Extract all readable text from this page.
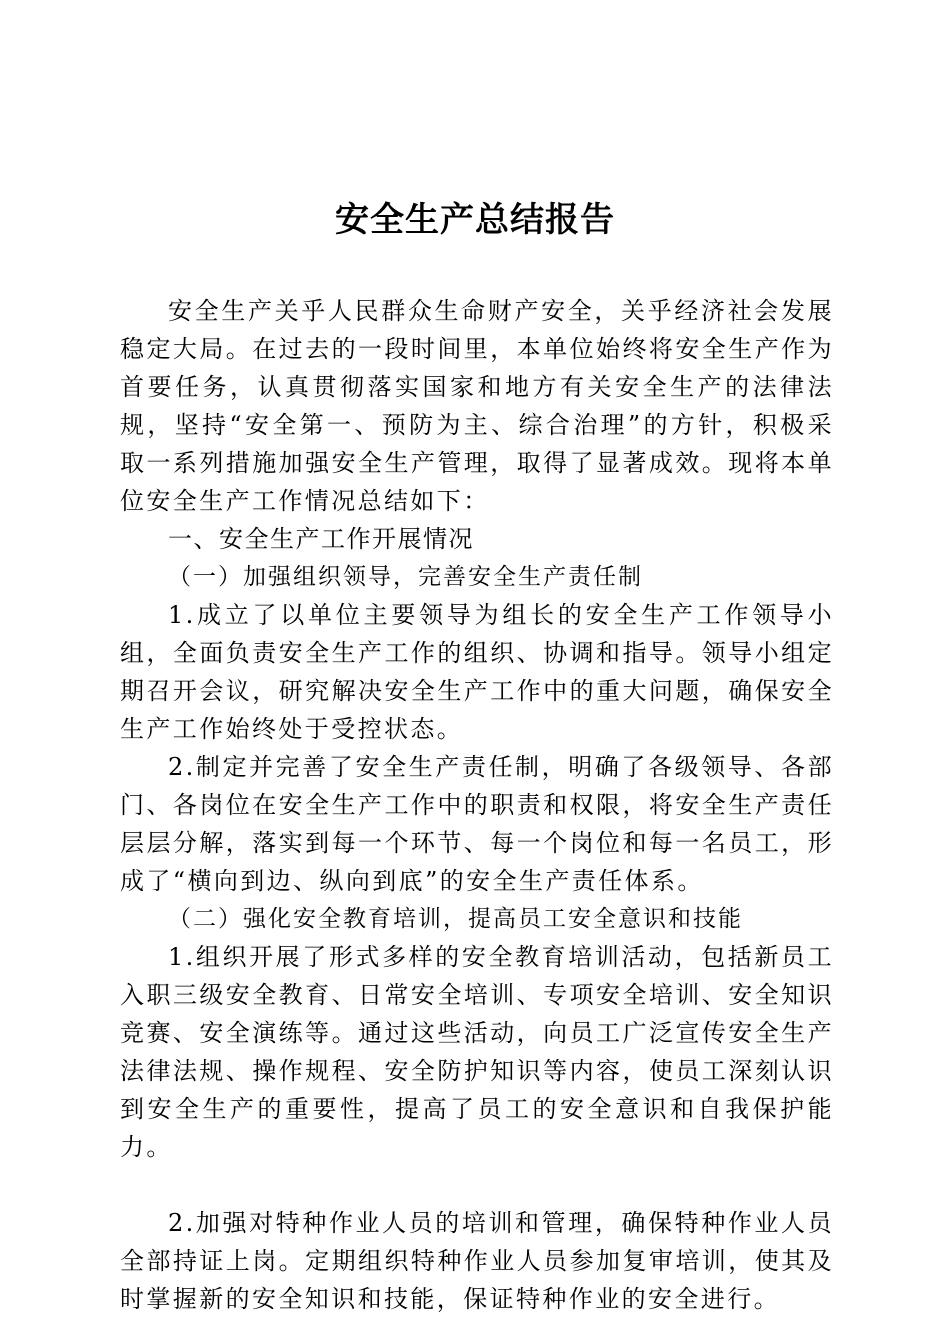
安全生产总结报告

安全生产关乎人民群众生命财产安全，关乎经济社会发展稳定大局。在过去的一段时间里，本单位始终将安全生产作为首要任务，认真贯彻落实国家和地方有关安全生产的法律法规，坚持“安全第一、预防为主、综合治理”的方针，积极采取一系列措施加强安全生产管理，取得了显著成效。现将本单位安全生产工作情况总结如下：

一、安全生产工作开展情况

（一）加强组织领导，完善安全生产责任制

1.成立了以单位主要领导为组长的安全生产工作领导小组，全面负责安全生产工作的组织、协调和指导。领导小组定期召开会议，研究解决安全生产工作中的重大问题，确保安全生产工作始终处于受控状态。

2.制定并完善了安全生产责任制，明确了各级领导、各部门、各岗位在安全生产工作中的职责和权限，将安全生产责任层层分解，落实到每一个环节、每一个岗位和每一名员工，形成了“横向到边、纵向到底”的安全生产责任体系。

（二）强化安全教育培训，提高员工安全意识和技能

1.组织开展了形式多样的安全教育培训活动，包括新员工入职三级安全教育、日常安全培训、专项安全培训、安全知识竞赛、安全演练等。通过这些活动，向员工广泛宣传安全生产法律法规、操作规程、安全防护知识等内容，使员工深刻认识到安全生产的重要性，提高了员工的安全意识和自我保护能力。

2.加强对特种作业人员的培训和管理，确保特种作业人员全部持证上岗。定期组织特种作业人员参加复审培训，使其及时掌握新的安全知识和技能，保证特种作业的安全进行。
